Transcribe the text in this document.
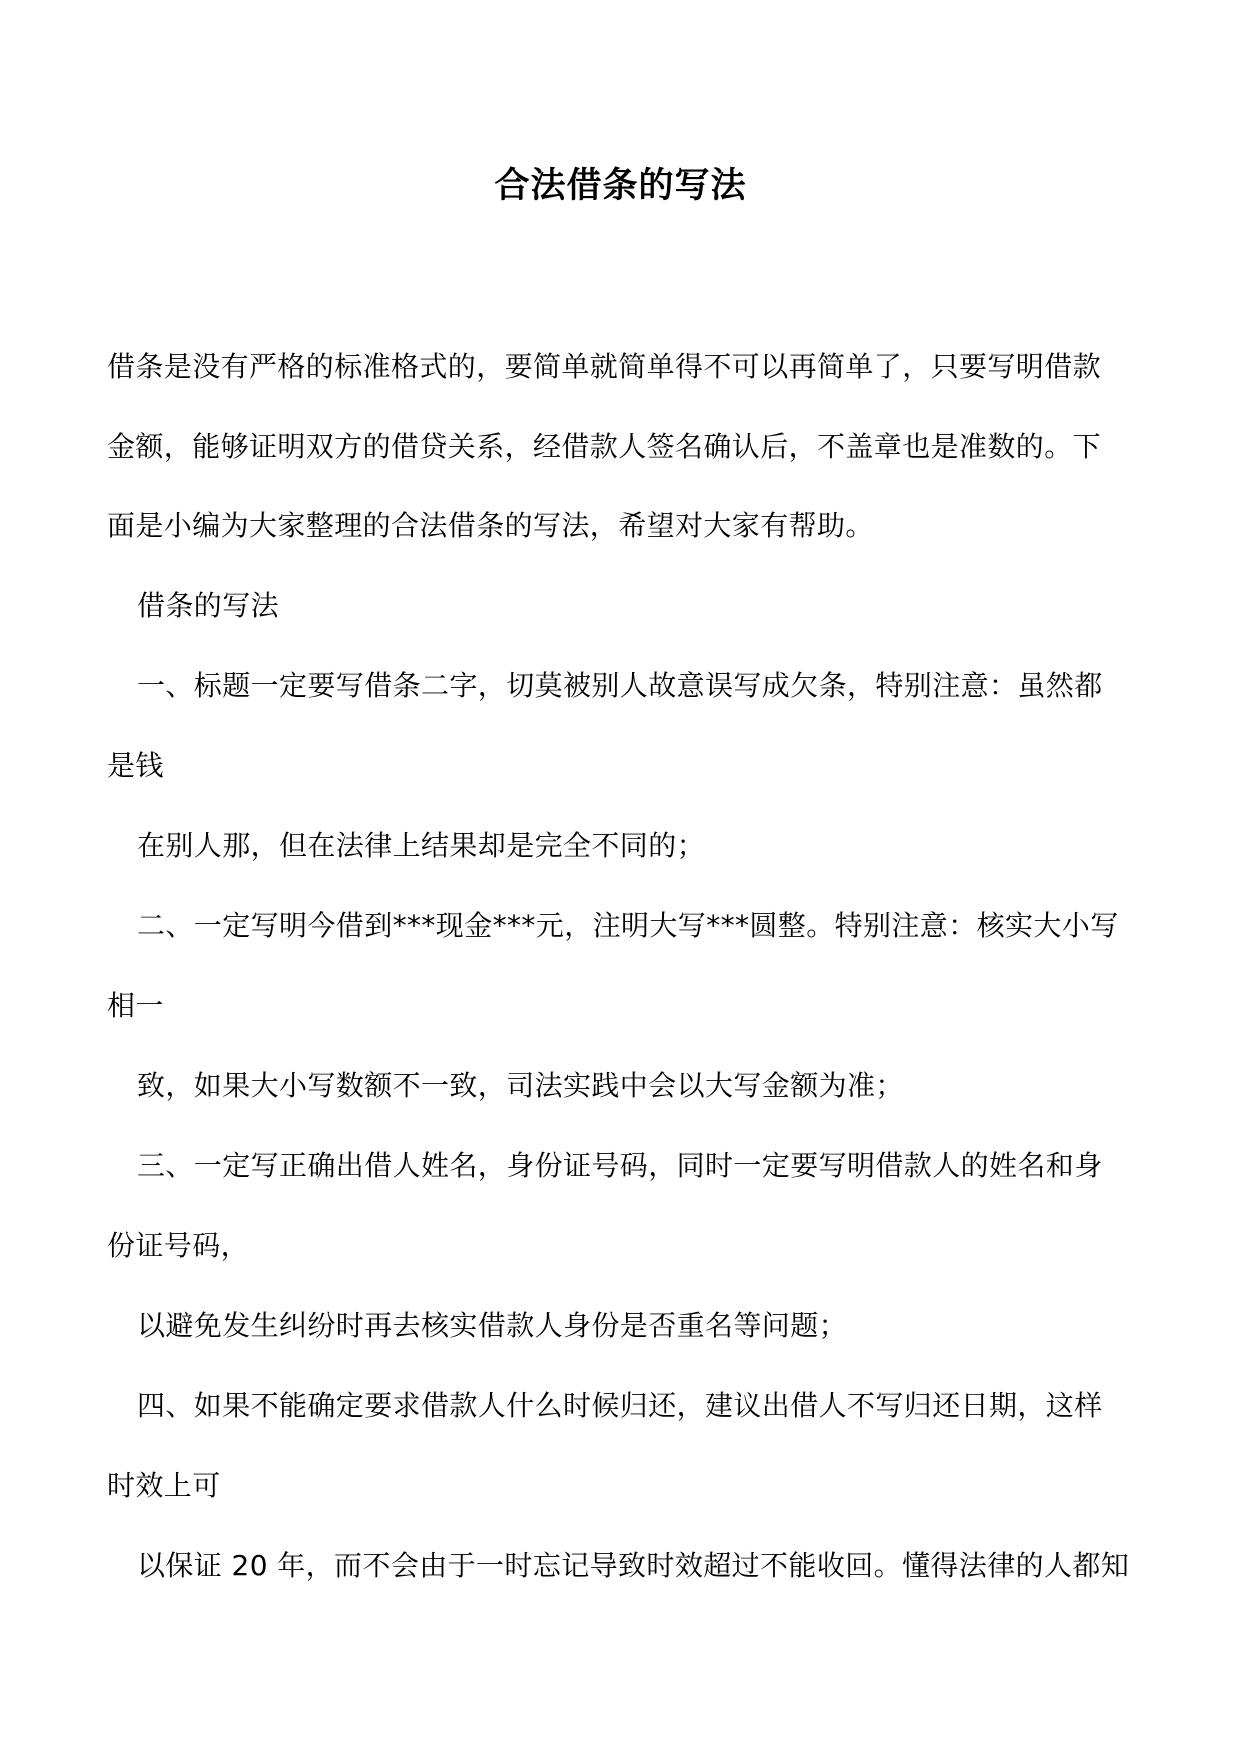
合法借条的写法
借条是没有严格的标准格式的，要简单就简单得不可以再简单了，只要写明借款
金额，能够证明双方的借贷关系，经借款人签名确认后，不盖章也是准数的。下
面是小编为大家整理的合法借条的写法，希望对大家有帮助。
借条的写法
一、标题一定要写借条二字，切莫被别人故意误写成欠条，特别注意：虽然都
是钱
在别人那，但在法律上结果却是完全不同的；
二、一定写明今借到***现金***元，注明大写***圆整。特别注意：核实大小写
相一
致，如果大小写数额不一致，司法实践中会以大写金额为准；
三、一定写正确出借人姓名，身份证号码，同时一定要写明借款人的姓名和身
份证号码，
以避免发生纠纷时再去核实借款人身份是否重名等问题；
四、如果不能确定要求借款人什么时候归还，建议出借人不写归还日期，这样
时效上可
以保证 20 年，而不会由于一时忘记导致时效超过不能收回。懂得法律的人都知
